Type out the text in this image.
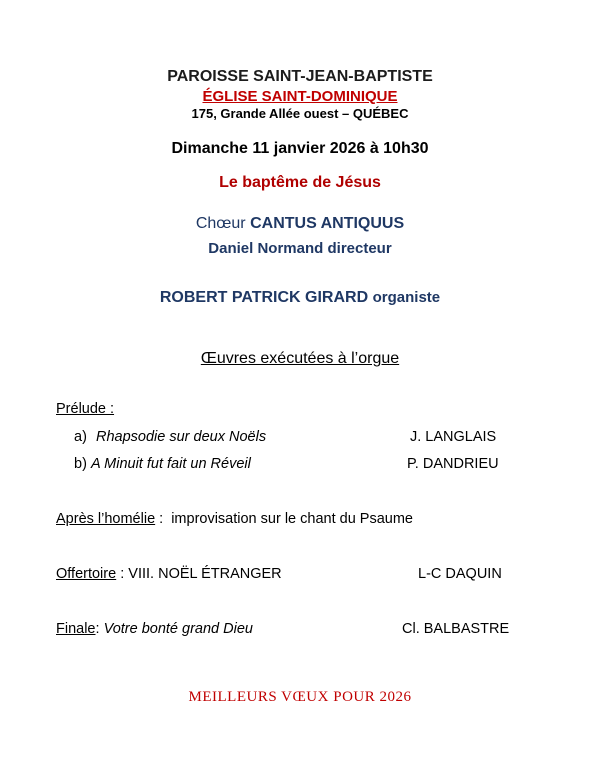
PAROISSE SAINT-JEAN-BAPTISTE
ÉGLISE SAINT-DOMINIQUE
175, Grande Allée ouest – QUÉBEC
Dimanche 11 janvier 2026 à 10h30
Le baptême de Jésus
Chœur CANTUS ANTIQUUS
Daniel Normand directeur
ROBERT PATRICK GIRARD organiste
Œuvres exécutées à l’orgue
Prélude :
a) Rhapsodie sur deux Noëls	J. LANGLAIS
b) A Minuit fut fait un Réveil	P. DANDRIEU
Après l’homélie : improvisation sur le chant du Psaume
Offertoire : VIII. NOËL ÉTRANGER	L-C DAQUIN
Finale: Votre bonté grand Dieu	Cl. BALBASTRE
MEILLEURS VŒUX POUR 2026
